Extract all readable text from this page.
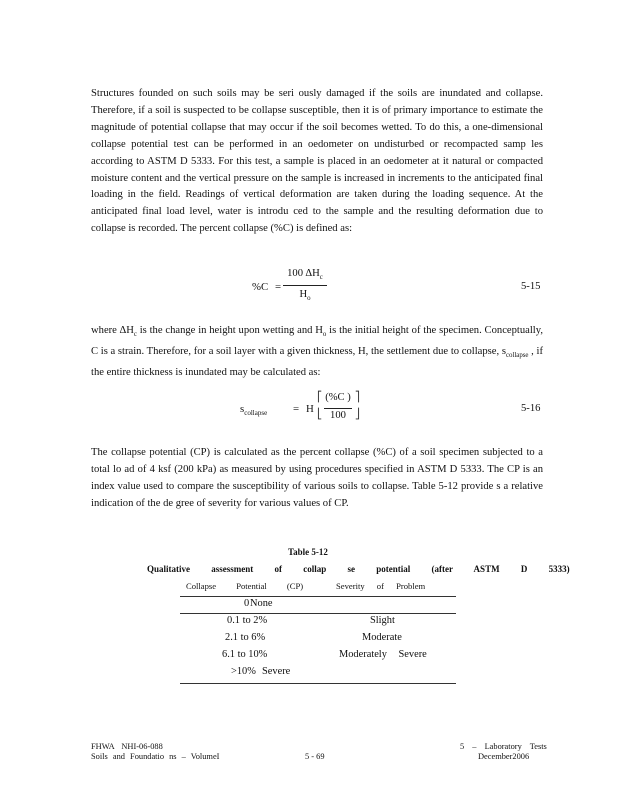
Structures founded on such soils may be seri ously damaged if the soils are inundated and collapse. Therefore, if a soil is suspected to be collapse susceptible, then it is of primary importance to estimate the magnitude of potential collapse that may occur if the soil becomes wetted. To do this, a one-dimensional collapse potential test can be performed in an oedometer on undisturbed or recompacted samp les according to ASTM D 5333. For this test, a sample is placed in an oedometer at it natural or compacted moisture content and the vertical pressure on the sample is increased in increments to the anticipated final loading in the field. Readings of vertical deformation are taken during the loading sequence. At the anticipated final load level, water is introdu ced to the sample and the resulting deformation due to collapse is recorded. The percent collapse (%C) is defined as:

%C =
100 $\Delta H_c$
$H_o$
5-15

where $\Delta H_c$ is the change in height upon wetting and $H_o$ is the initial height of the specimen. Conceptually, C is a strain. Therefore, for a soil layer with a given thickness, H, the settlement due to collapse, $s_{collapse}$ , if the entire thickness is inundated may be calculated as:

$s_{collapse} = H$
⎡
⎣
(%C )
100
⎤
⎦
5-16

The collapse potential (CP) is calculated as the percent collapse (%C) of a soil specimen subjected to a total lo ad of 4 ksf (200 kPa) as measured by using procedures specified in ASTM D 5333. The CP is an index value used to compare the susceptibility of various soils to collapse. Table 5-12 provide s a relative indication of the de gree of severity for various values of CP.

Table 5-12
Qualitative assessment of collap se potential (after ASTM D 5333)
Collapse Potential (CP)	Severity of Problem
0 None
0.1 to 2%	Slight
2.1 to 6%	Moderate
6.1 to 10%	Moderately Severe
>10% Severe
FHWA NHI-06-088
Soils and Foundatio ns – VolumeI	5 - 69
5 – Laboratory Tests
December2006
